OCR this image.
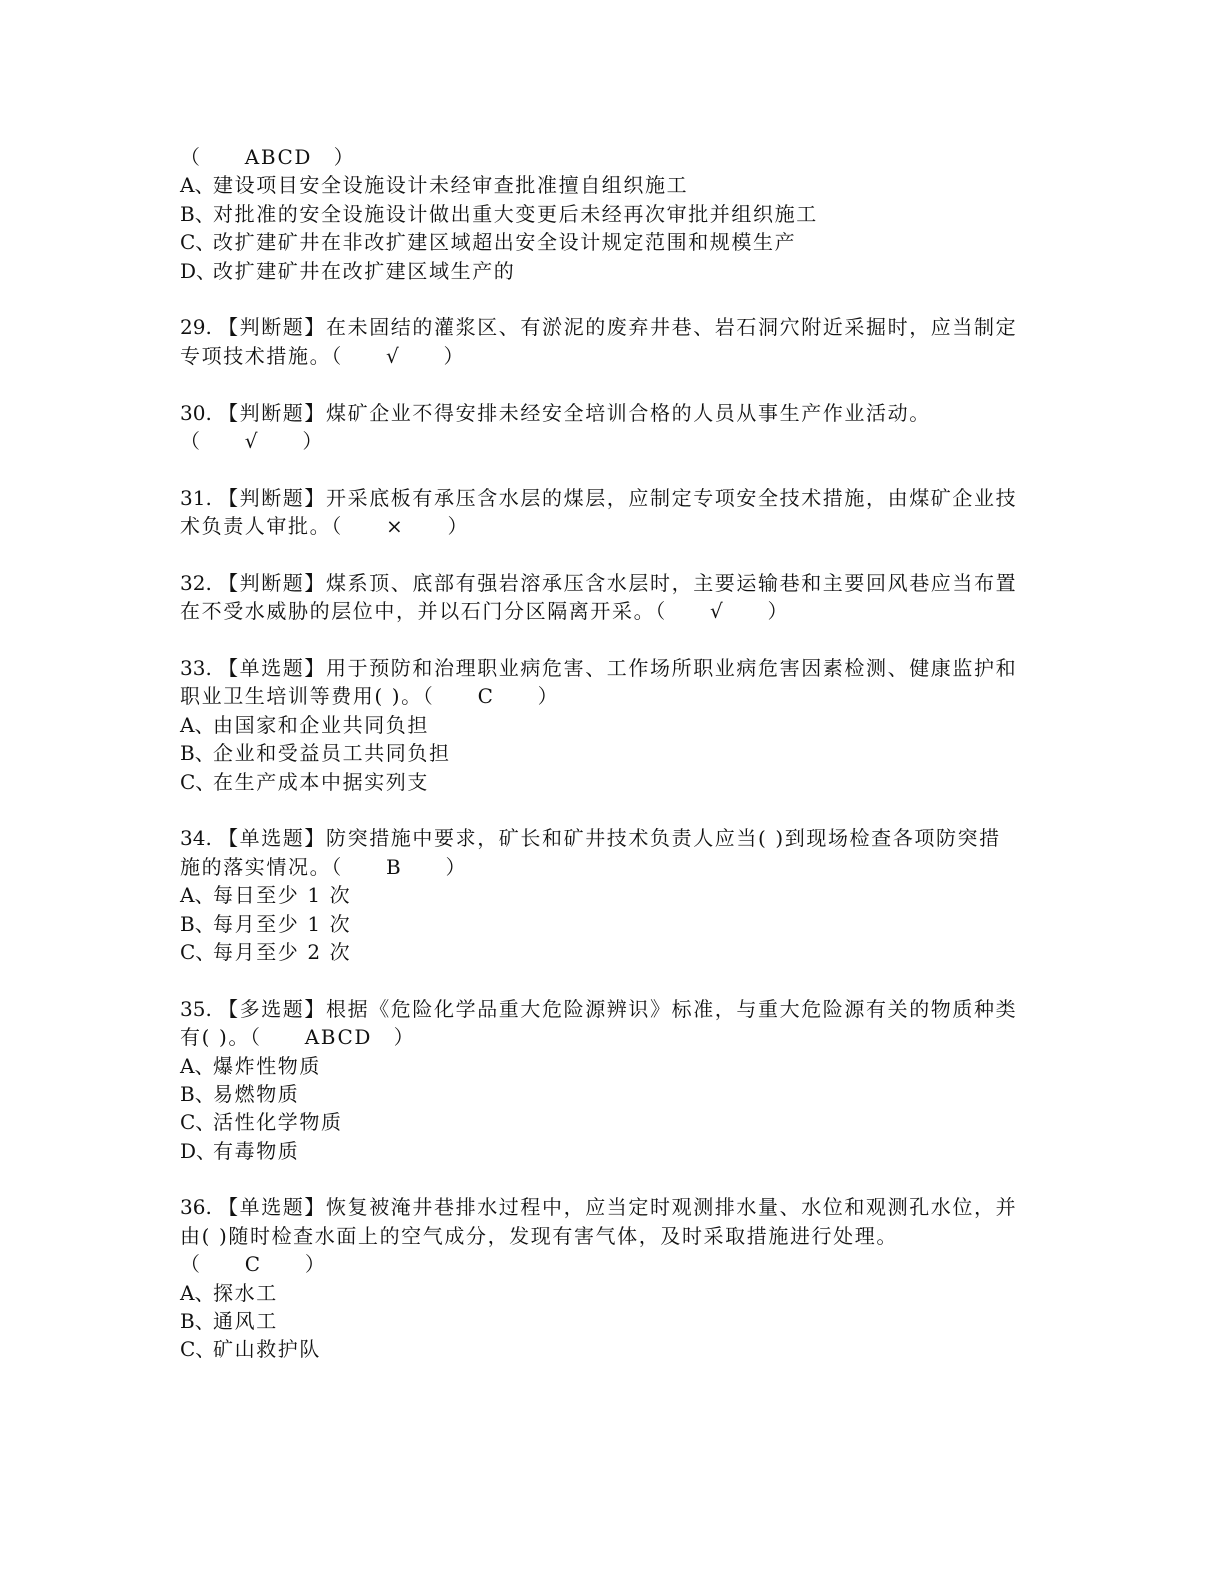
（　　ABCD　）
A、建设项目安全设施设计未经审查批准擅自组织施工
B、对批准的安全设施设计做出重大变更后未经再次审批并组织施工
C、改扩建矿井在非改扩建区域超出安全设计规定范围和规模生产
D、改扩建矿井在改扩建区域生产的
29. 【判断题】在未固结的灌浆区、有淤泥的废弃井巷、岩石洞穴附近采掘时，应当制定
专项技术措施。（　　√　　）
30. 【判断题】煤矿企业不得安排未经安全培训合格的人员从事生产作业活动。
（　　√　　）
31. 【判断题】开采底板有承压含水层的煤层，应制定专项安全技术措施，由煤矿企业技
术负责人审批。（　　×　　）
32. 【判断题】煤系顶、底部有强岩溶承压含水层时，主要运输巷和主要回风巷应当布置
在不受水威胁的层位中，并以石门分区隔离开采。（　　√　　）
33. 【单选题】用于预防和治理职业病危害、工作场所职业病危害因素检测、健康监护和
职业卫生培训等费用( )。（　　C　　）
A、由国家和企业共同负担
B、企业和受益员工共同负担
C、在生产成本中据实列支
34. 【单选题】防突措施中要求，矿长和矿井技术负责人应当( )到现场检查各项防突措
施的落实情况。（　　B　　）
A、每日至少 1 次
B、每月至少 1 次
C、每月至少 2 次
35. 【多选题】根据《危险化学品重大危险源辨识》标准，与重大危险源有关的物质种类
有( )。（　　ABCD　）
A、爆炸性物质
B、易燃物质
C、活性化学物质
D、有毒物质
36. 【单选题】恢复被淹井巷排水过程中，应当定时观测排水量、水位和观测孔水位，并
由( )随时检查水面上的空气成分，发现有害气体，及时采取措施进行处理。
（　　C　　）
A、探水工
B、通风工
C、矿山救护队
